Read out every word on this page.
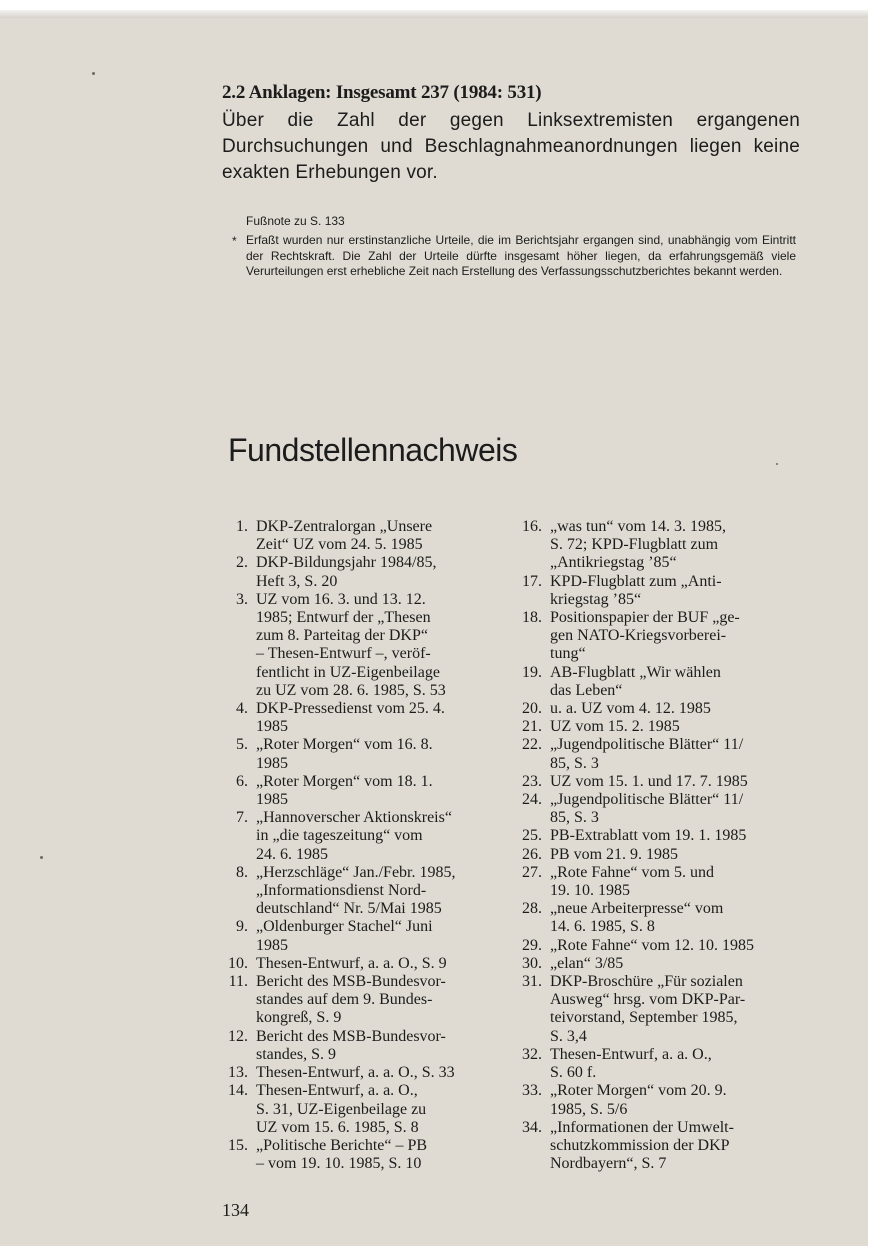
2.2 Anklagen: Insgesamt 237 (1984: 531)

Über die Zahl der gegen Linksextremisten ergangenen Durchsuchungen und Beschlagnahmeanordnungen liegen keine exakten Erhebungen vor.

Fußnote zu S. 133
* Erfaßt wurden nur erstinstanzliche Urteile, die im Berichtsjahr ergangen sind, unabhängig vom Eintritt der Rechtskraft. Die Zahl der Urteile dürfte insgesamt höher liegen, da erfahrungsgemäß viele Verurteilungen erst erhebliche Zeit nach Erstellung des Verfassungsschutzberichtes bekannt werden.

Fundstellennachweis
1. DKP-Zentralorgan „Unsere
Zeit“ UZ vom 24. 5. 1985
2. DKP-Bildungsjahr 1984/85,
Heft 3, S. 20
3. UZ vom 16. 3. und 13. 12.
1985; Entwurf der „Thesen
zum 8. Parteitag der DKP“
– Thesen-Entwurf –, veröf-
fentlicht in UZ-Eigenbeilage
zu UZ vom 28. 6. 1985, S. 53
4. DKP-Pressedienst vom 25. 4.
1985
5. „Roter Morgen“ vom 16. 8.
1985
6. „Roter Morgen“ vom 18. 1.
1985
7. „Hannoverscher Aktionskreis“
in „die tageszeitung“ vom
24. 6. 1985
8. „Herzschläge“ Jan./Febr. 1985,
„Informationsdienst Nord-
deutschland“ Nr. 5/Mai 1985
9. „Oldenburger Stachel“ Juni
1985
10. Thesen-Entwurf, a. a. O., S. 9
11. Bericht des MSB-Bundesvor-
standes auf dem 9. Bundes-
kongreß, S. 9
12. Bericht des MSB-Bundesvor-
standes, S. 9
13. Thesen-Entwurf, a. a. O., S. 33
14. Thesen-Entwurf, a. a. O.,
S. 31, UZ-Eigenbeilage zu
UZ vom 15. 6. 1985, S. 8
15. „Politische Berichte“ – PB
– vom 19. 10. 1985, S. 10
16. „was tun“ vom 14. 3. 1985,
S. 72; KPD-Flugblatt zum
„Antikriegstag ’85“
17. KPD-Flugblatt zum „Anti-
kriegstag ’85“
18. Positionspapier der BUF „ge-
gen NATO-Kriegsvorberei-
tung“
19. AB-Flugblatt „Wir wählen
das Leben“
20. u. a. UZ vom 4. 12. 1985
21. UZ vom 15. 2. 1985
22. „Jugendpolitische Blätter“ 11/
85, S. 3
23. UZ vom 15. 1. und 17. 7. 1985
24. „Jugendpolitische Blätter“ 11/
85, S. 3
25. PB-Extrablatt vom 19. 1. 1985
26. PB vom 21. 9. 1985
27. „Rote Fahne“ vom 5. und
19. 10. 1985
28. „neue Arbeiterpresse“ vom
14. 6. 1985, S. 8
29. „Rote Fahne“ vom 12. 10. 1985
30. „elan“ 3/85
31. DKP-Broschüre „Für sozialen
Ausweg“ hrsg. vom DKP-Par-
teivorstand, September 1985,
S. 3,4
32. Thesen-Entwurf, a. a. O.,
S. 60 f.
33. „Roter Morgen“ vom 20. 9.
1985, S. 5/6
34. „Informationen der Umwelt-
schutzkommission der DKP
Nordbayern“, S. 7
134
